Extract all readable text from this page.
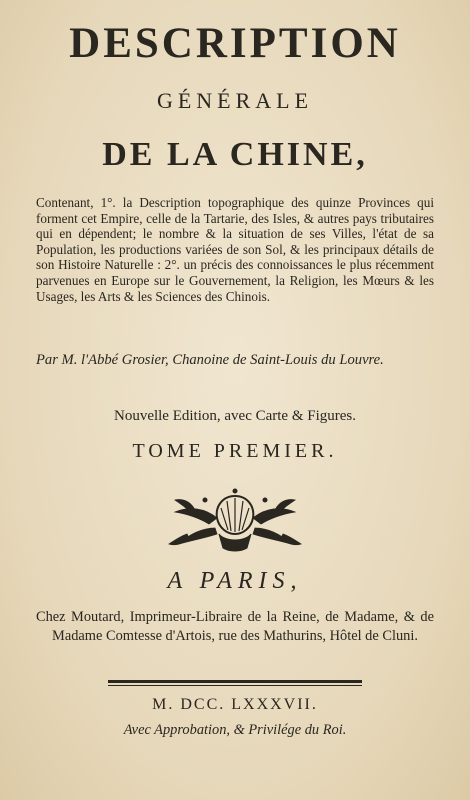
DESCRIPTION
GÉNÉRALE
DE LA CHINE,
Contenant, 1°. la Description topographique des quinze Provinces qui forment cet Empire, celle de la Tartarie, des Isles, & autres pays tributaires qui en dépendent; le nombre & la situation de ses Villes, l'état de sa Population, les productions variées de son Sol, & les principaux détails de son Histoire Naturelle : 2°. un précis des connoissances le plus récemment parvenues en Europe sur le Gouvernement, la Religion, les Mœurs & les Usages, les Arts & les Sciences des Chinois.
Par M. l'Abbé Grosier, Chanoine de Saint-Louis du Louvre.
Nouvelle Edition, avec Carte & Figures.
TOME PREMIER.
A PARIS,
Chez Moutard, Imprimeur-Libraire de la Reine, de Madame, & de Madame Comtesse d'Artois, rue des Mathurins, Hôtel de Cluni.
M. DCC. LXXXVII.
Avec Approbation, & Privilége du Roi.
